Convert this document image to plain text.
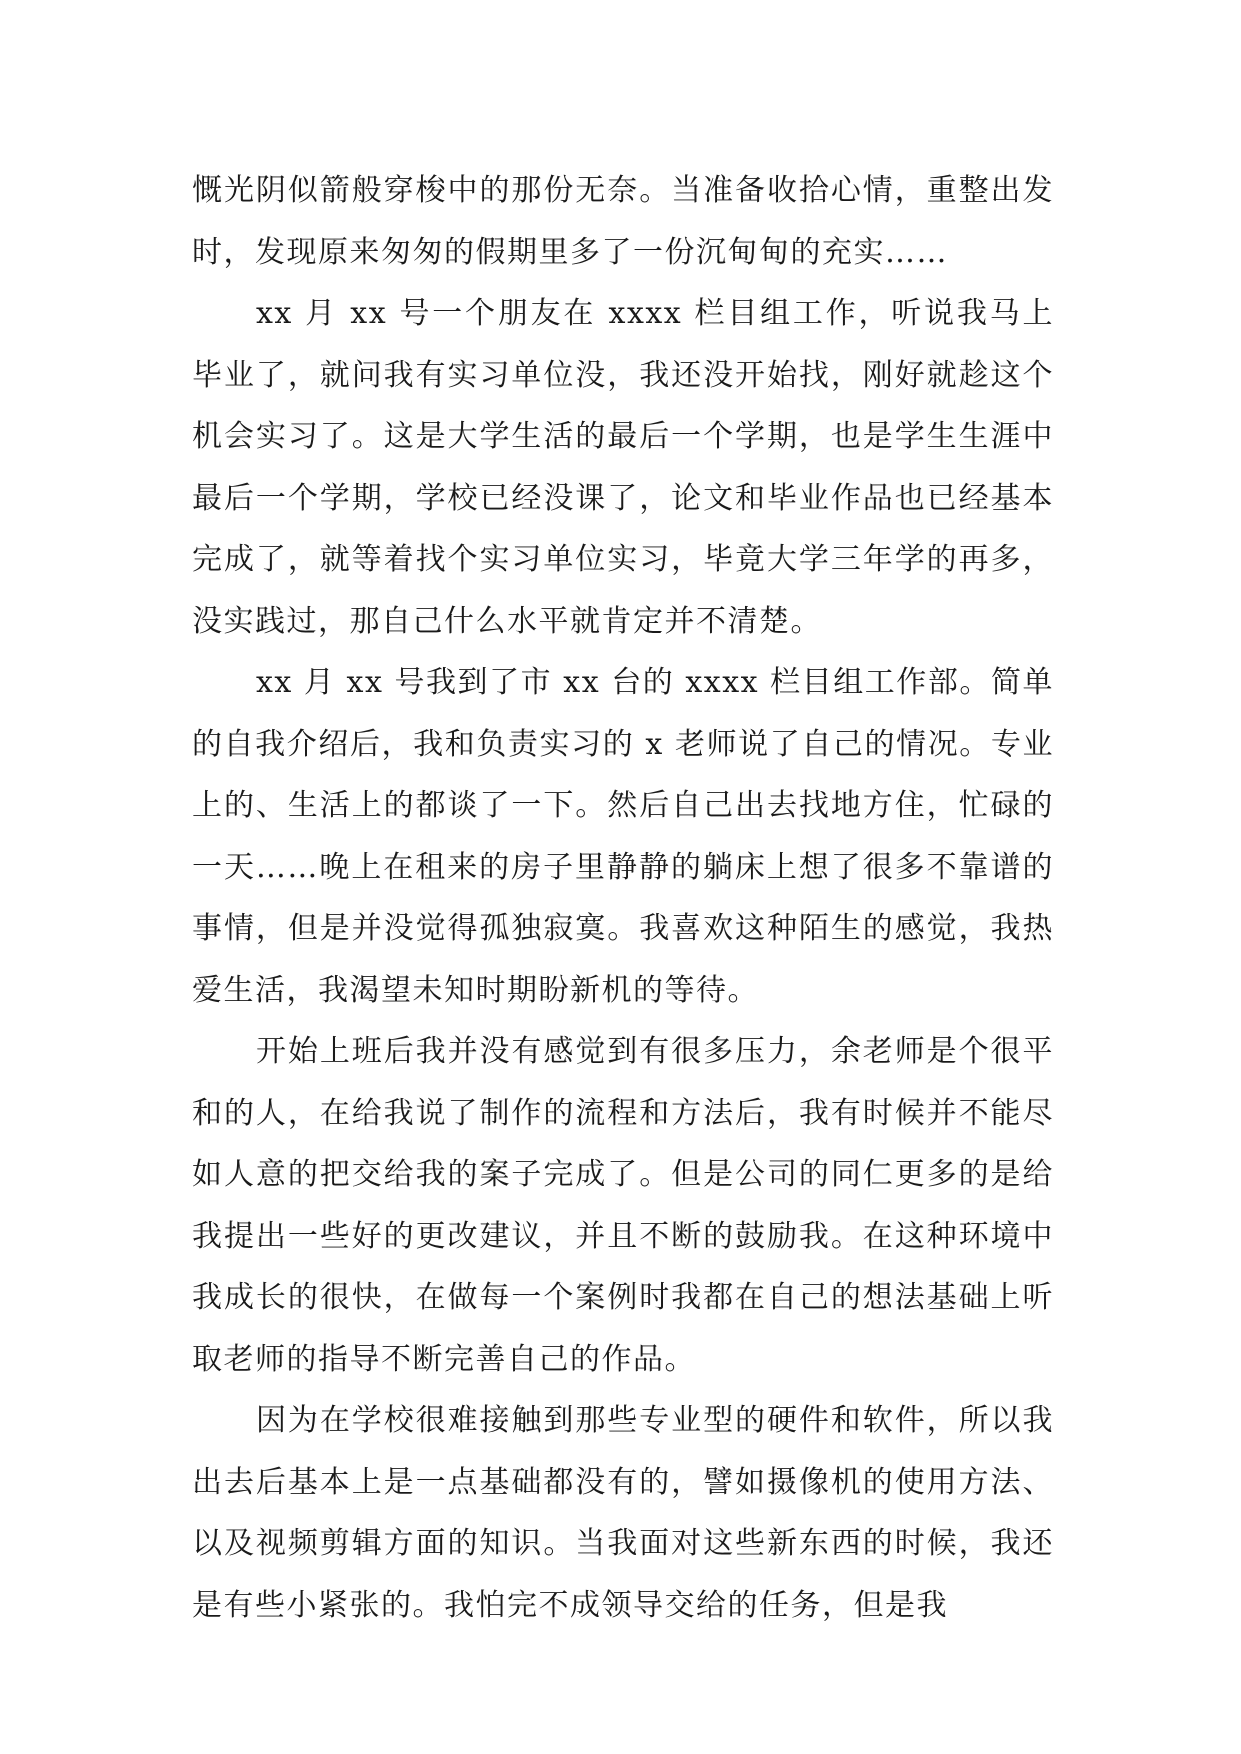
慨光阴似箭般穿梭中的那份无奈。当准备收拾心情，重整出发时，发现原来匆匆的假期里多了一份沉甸甸的充实……

xx 月 xx 号一个朋友在 xxxx 栏目组工作，听说我马上毕业了，就问我有实习单位没，我还没开始找，刚好就趁这个机会实习了。这是大学生活的最后一个学期，也是学生生涯中最后一个学期，学校已经没课了，论文和毕业作品也已经基本完成了，就等着找个实习单位实习，毕竟大学三年学的再多，没实践过，那自己什么水平就肯定并不清楚。

xx 月 xx 号我到了市 xx 台的 xxxx 栏目组工作部。简单的自我介绍后，我和负责实习的 x 老师说了自己的情况。专业上的、生活上的都谈了一下。然后自己出去找地方住，忙碌的一天……晚上在租来的房子里静静的躺床上想了很多不靠谱的事情，但是并没觉得孤独寂寞。我喜欢这种陌生的感觉，我热爱生活，我渴望未知时期盼新机的等待。

开始上班后我并没有感觉到有很多压力，余老师是个很平和的人，在给我说了制作的流程和方法后，我有时候并不能尽如人意的把交给我的案子完成了。但是公司的同仁更多的是给我提出一些好的更改建议，并且不断的鼓励我。在这种环境中我成长的很快，在做每一个案例时我都在自己的想法基础上听取老师的指导不断完善自己的作品。

因为在学校很难接触到那些专业型的硬件和软件，所以我出去后基本上是一点基础都没有的，譬如摄像机的使用方法、以及视频剪辑方面的知识。当我面对这些新东西的时候，我还是有些小紧张的。我怕完不成领导交给的任务，但是我
